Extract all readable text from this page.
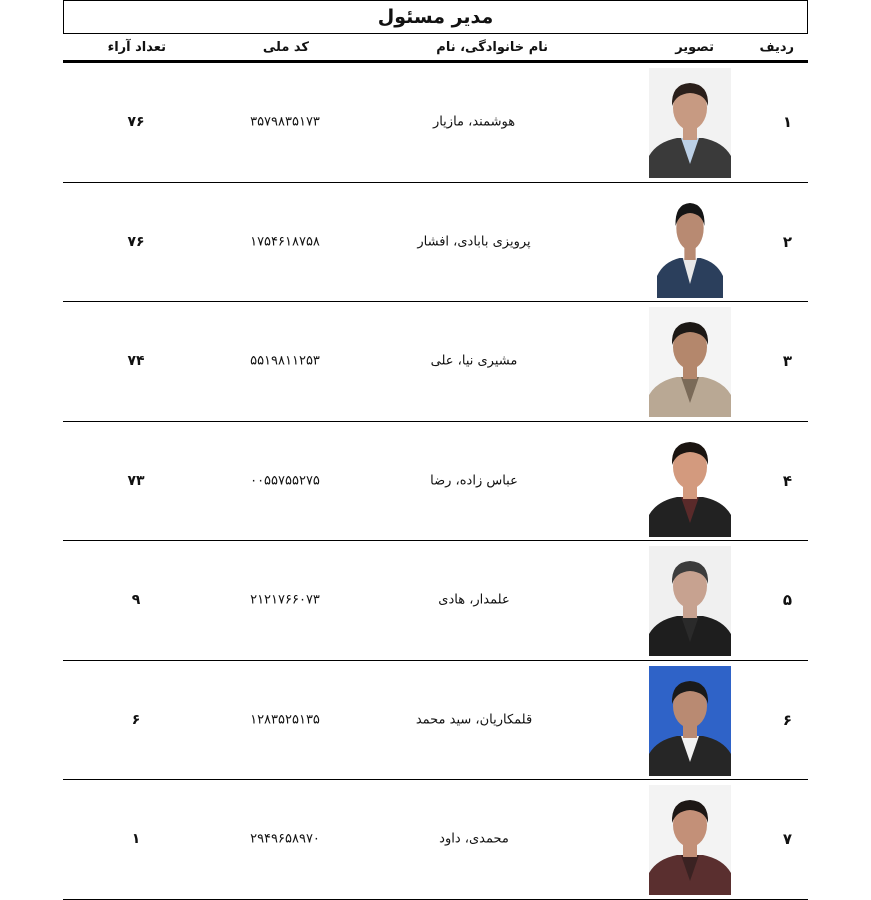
مدیر مسئول
ردیف
تصویر
نام خانوادگی، نام
کد ملی
تعداد آراء
۱
هوشمند، مازیار
۳۵۷۹۸۳۵۱۷۳
۷۶
۲
پرویزی بابادی، افشار
۱۷۵۴۶۱۸۷۵۸
۷۶
۳
مشیری نیا، علی
۵۵۱۹۸۱۱۲۵۳
۷۴
۴
عباس زاده، رضا
۰۰۵۵۷۵۵۲۷۵
۷۳
۵
علمدار، هادی
۲۱۲۱۷۶۶۰۷۳
۹
۶
قلمکاریان، سید محمد
۱۲۸۳۵۲۵۱۳۵
۶
۷
محمدی، داود
۲۹۴۹۶۵۸۹۷۰
۱
